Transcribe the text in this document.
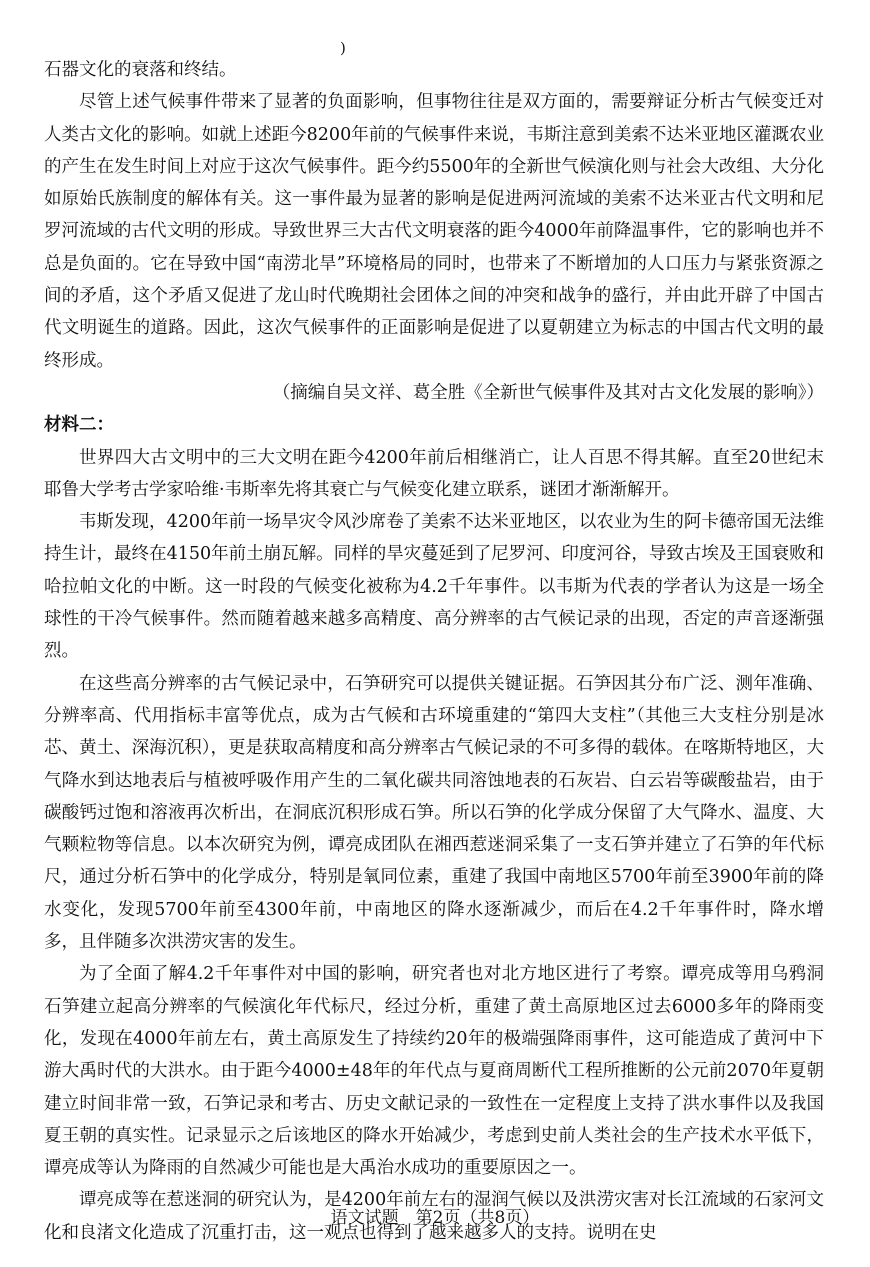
)

石器文化的衰落和终结。

尽管上述气候事件带来了显著的负面影响，但事物往往是双方面的，需要辩证分析古气候变迁对人类古文化的影响。如就上述距今8200年前的气候事件来说，韦斯注意到美索不达米亚地区灌溉农业的产生在发生时间上对应于这次气候事件。距今约5500年的全新世气候演化则与社会大改组、大分化如原始氏族制度的解体有关。这一事件最为显著的影响是促进两河流域的美索不达米亚古代文明和尼罗河流域的古代文明的形成。导致世界三大古代文明衰落的距今4000年前降温事件，它的影响也并不总是负面的。它在导致中国“南涝北旱”环境格局的同时，也带来了不断增加的人口压力与紧张资源之间的矛盾，这个矛盾又促进了龙山时代晚期社会团体之间的冲突和战争的盛行，并由此开辟了中国古代文明诞生的道路。因此，这次气候事件的正面影响是促进了以夏朝建立为标志的中国古代文明的最终形成。

（摘编自吴文祥、葛全胜《全新世气候事件及其对古文化发展的影响》）

材料二：

世界四大古文明中的三大文明在距今4200年前后相继消亡，让人百思不得其解。直至20世纪末耶鲁大学考古学家哈维·韦斯率先将其衰亡与气候变化建立联系，谜团才渐渐解开。

韦斯发现，4200年前一场旱灾令风沙席卷了美索不达米亚地区，以农业为生的阿卡德帝国无法维持生计，最终在4150年前土崩瓦解。同样的旱灾蔓延到了尼罗河、印度河谷，导致古埃及王国衰败和哈拉帕文化的中断。这一时段的气候变化被称为4.2千年事件。以韦斯为代表的学者认为这是一场全球性的干冷气候事件。然而随着越来越多高精度、高分辨率的古气候记录的出现，否定的声音逐渐强烈。

在这些高分辨率的古气候记录中，石笋研究可以提供关键证据。石笋因其分布广泛、测年准确、分辨率高、代用指标丰富等优点，成为古气候和古环境重建的“第四大支柱”（其他三大支柱分别是冰芯、黄土、深海沉积），更是获取高精度和高分辨率古气候记录的不可多得的载体。在喀斯特地区，大气降水到达地表后与植被呼吸作用产生的二氧化碳共同溶蚀地表的石灰岩、白云岩等碳酸盐岩，由于碳酸钙过饱和溶液再次析出，在洞底沉积形成石笋。所以石笋的化学成分保留了大气降水、温度、大气颗粒物等信息。以本次研究为例，谭亮成团队在湘西惹迷洞采集了一支石笋并建立了石笋的年代标尺，通过分析石笋中的化学成分，特别是氧同位素，重建了我国中南地区5700年前至3900年前的降水变化，发现5700年前至4300年前，中南地区的降水逐渐减少，而后在4.2千年事件时，降水增多，且伴随多次洪涝灾害的发生。

为了全面了解4.2千年事件对中国的影响，研究者也对北方地区进行了考察。谭亮成等用乌鸦洞石笋建立起高分辨率的气候演化年代标尺，经过分析，重建了黄土高原地区过去6000多年的降雨变化，发现在4000年前左右，黄土高原发生了持续约20年的极端强降雨事件，这可能造成了黄河中下游大禹时代的大洪水。由于距今4000±48年的年代点与夏商周断代工程所推断的公元前2070年夏朝建立时间非常一致，石笋记录和考古、历史文献记录的一致性在一定程度上支持了洪水事件以及我国夏王朝的真实性。记录显示之后该地区的降水开始减少，考虑到史前人类社会的生产技术水平低下，谭亮成等认为降雨的自然减少可能也是大禹治水成功的重要原因之一。

谭亮成等在惹迷洞的研究认为，是4200年前左右的湿润气候以及洪涝灾害对长江流域的石家河文化和良渚文化造成了沉重打击，这一观点也得到了越来越多人的支持。说明在史

语文试题　第2页（共8页）
